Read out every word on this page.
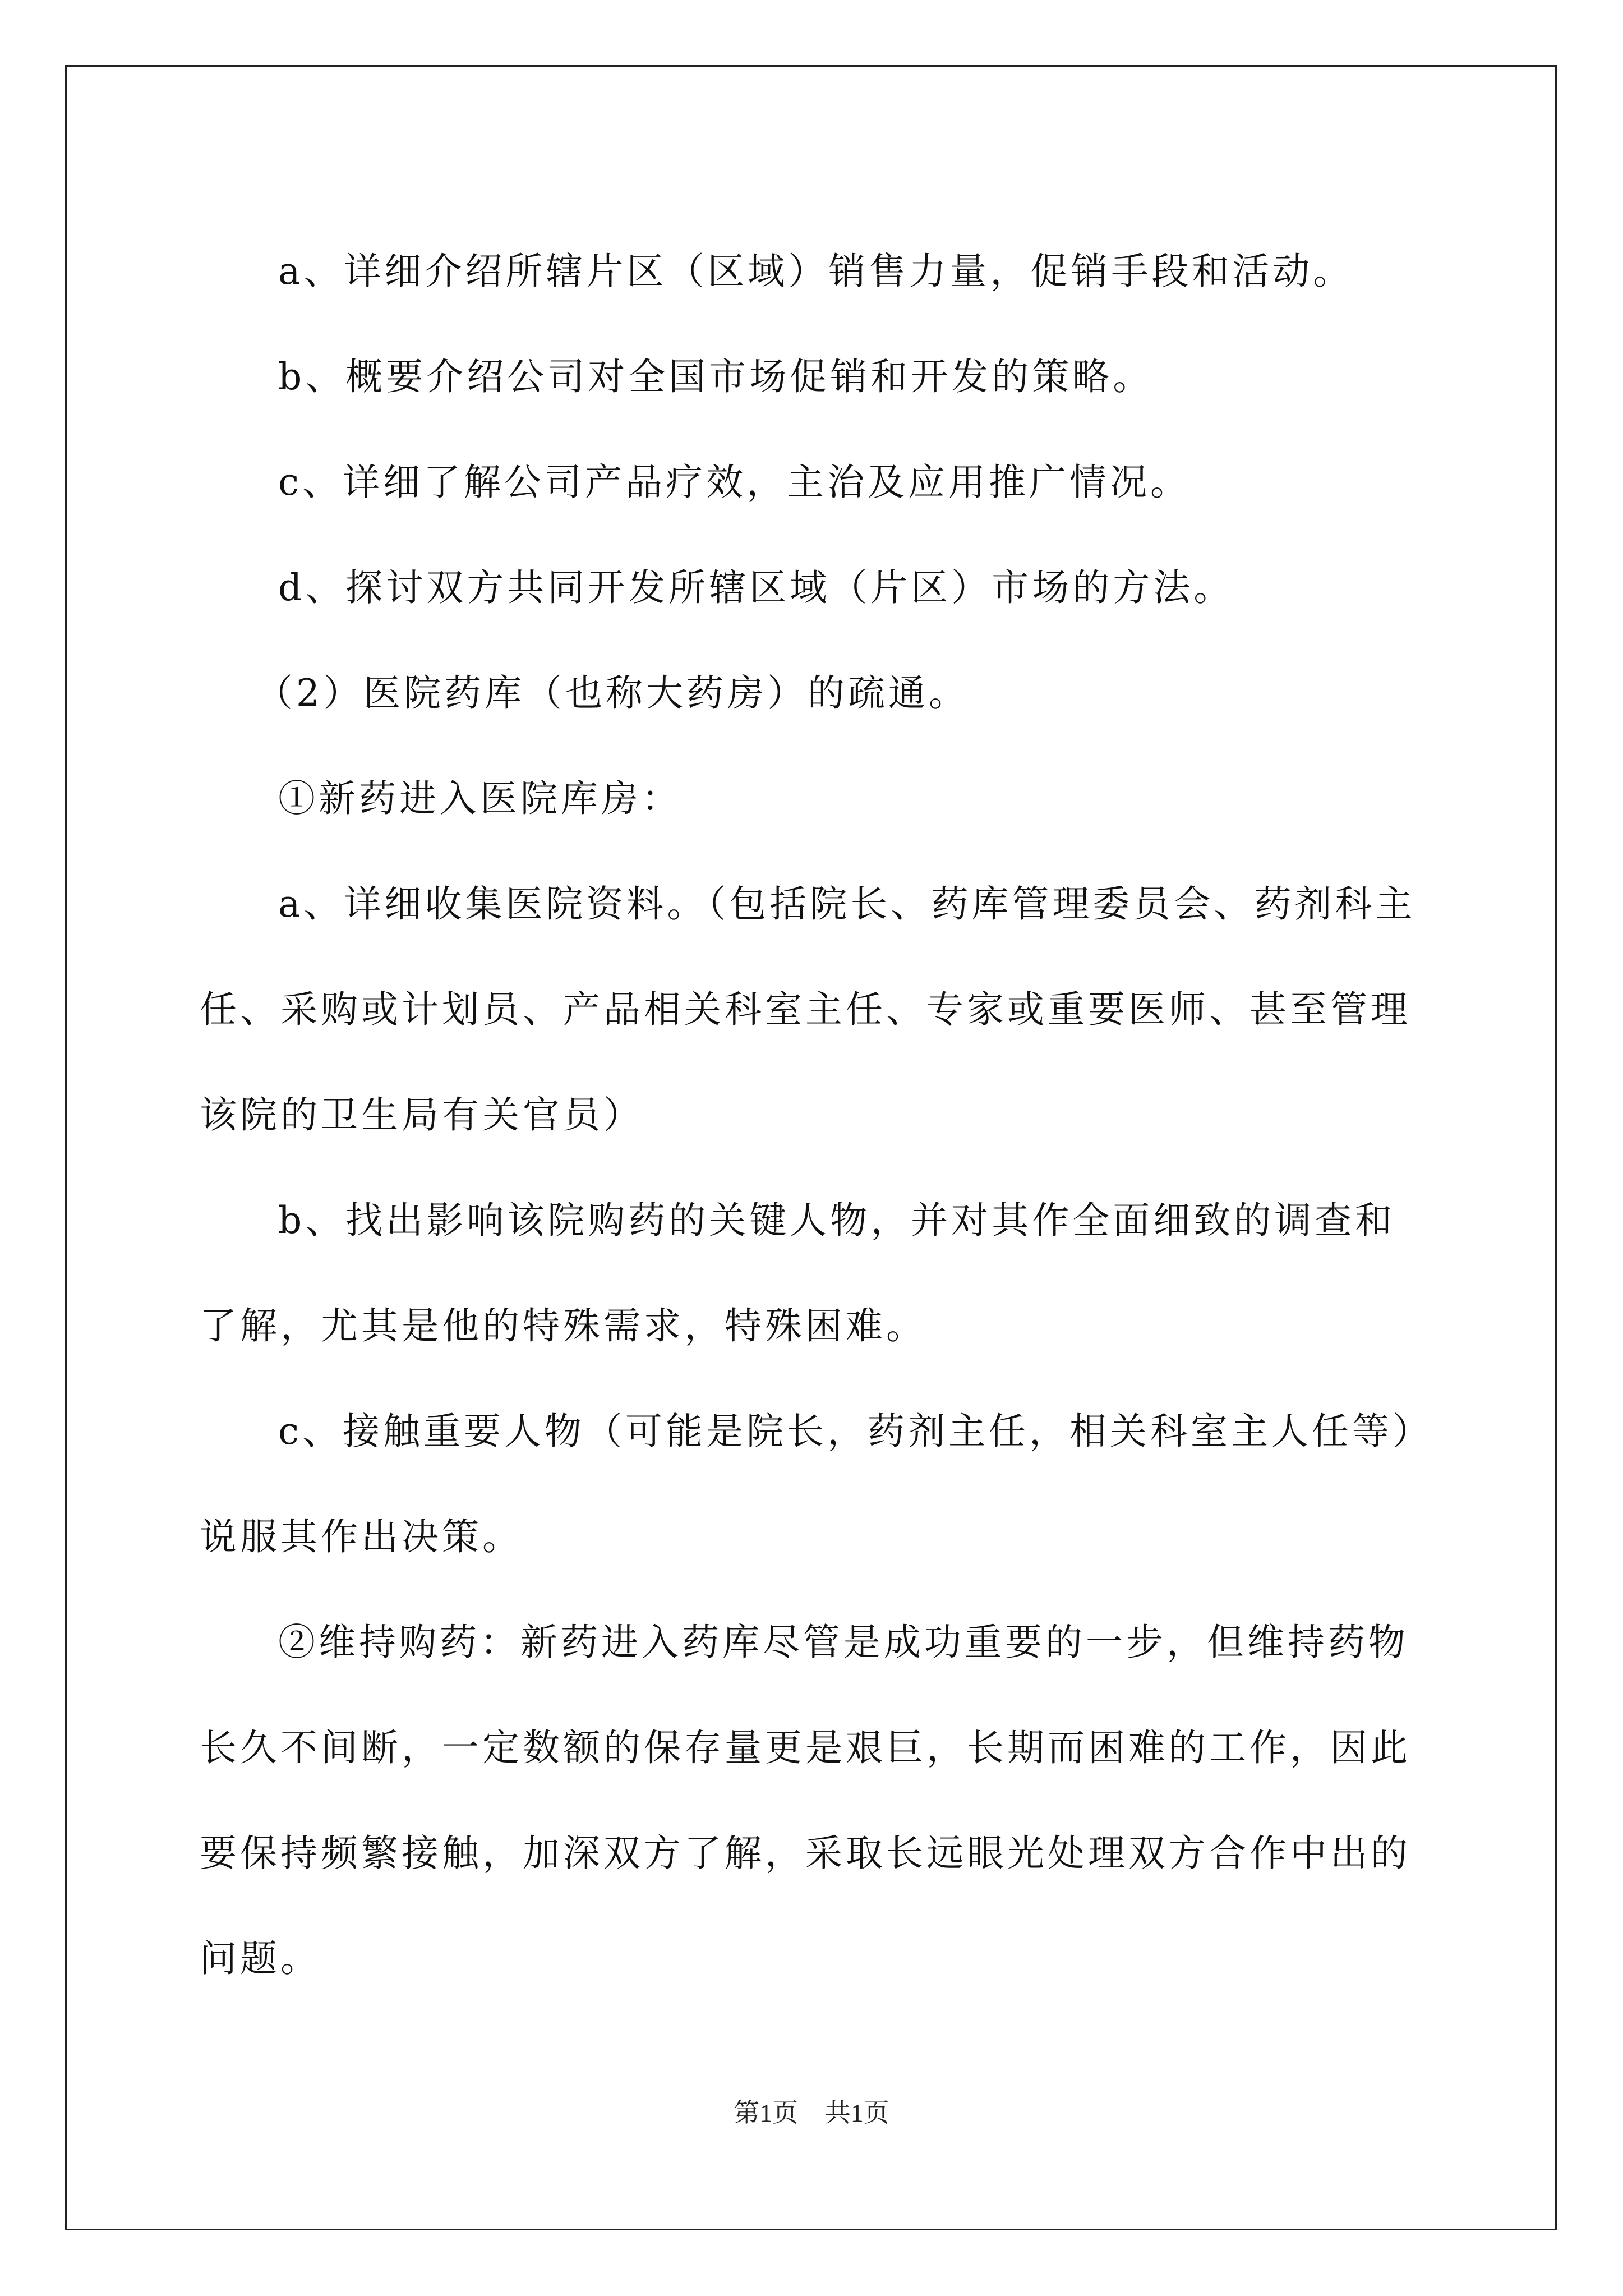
a、详细介绍所辖片区（区域）销售力量，促销手段和活动。

b、概要介绍公司对全国市场促销和开发的策略。

c、详细了解公司产品疗效，主治及应用推广情况。

d、探讨双方共同开发所辖区域（片区）市场的方法。

（2）医院药库（也称大药房）的疏通。

①新药进入医院库房：

a、详细收集医院资料。（包括院长、药库管理委员会、药剂科主任、采购或计划员、产品相关科室主任、专家或重要医师、甚至管理该院的卫生局有关官员）

b、找出影响该院购药的关键人物，并对其作全面细致的调查和了解，尤其是他的特殊需求，特殊困难。

c、接触重要人物（可能是院长，药剂主任，相关科室主人任等）说服其作出决策。

②维持购药：新药进入药库尽管是成功重要的一步，但维持药物长久不间断，一定数额的保存量更是艰巨，长期而困难的工作，因此要保持频繁接触，加深双方了解，采取长远眼光处理双方合作中出的问题。

第1页 共1页
